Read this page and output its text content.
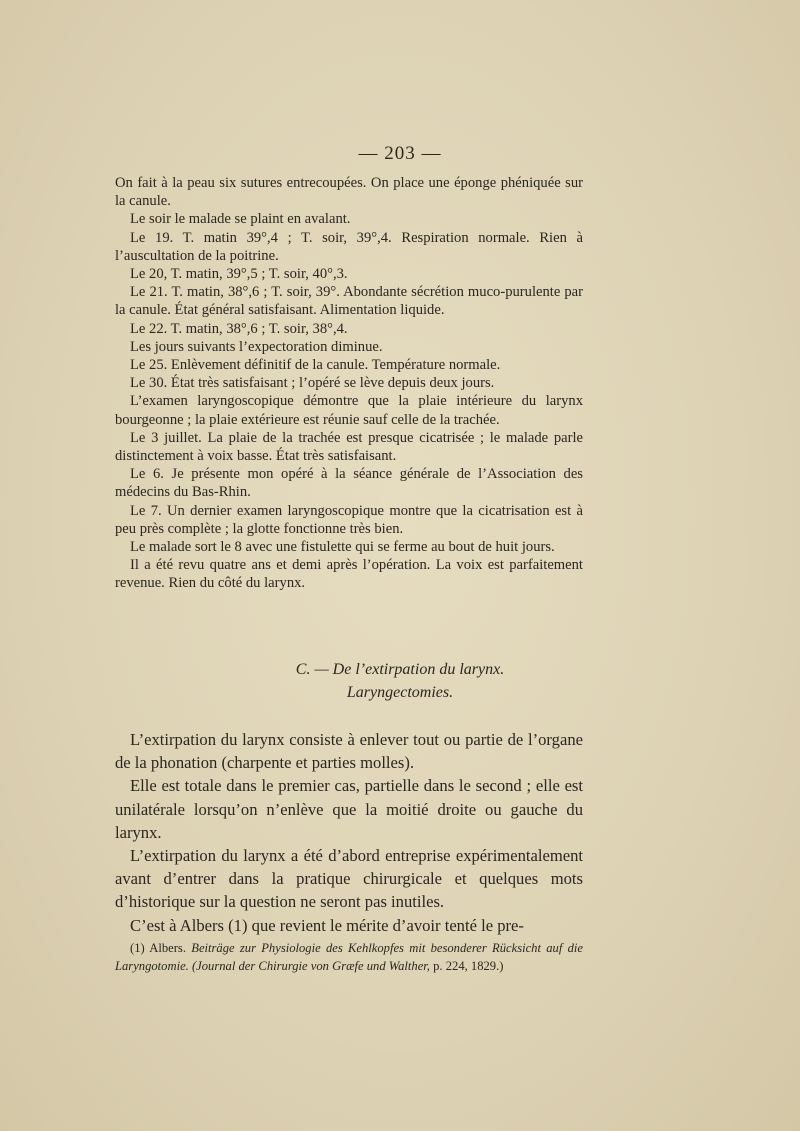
— 203 —

On fait à la peau six sutures entrecoupées. On place une éponge phéniquée sur la canule.

Le soir le malade se plaint en avalant.

Le 19. T. matin 39°,4 ; T. soir, 39°,4. Respiration normale. Rien à l’auscultation de la poitrine.

Le 20, T. matin, 39°,5 ; T. soir, 40°,3.

Le 21. T. matin, 38°,6 ; T. soir, 39°. Abondante sécrétion muco-purulente par la canule. État général satisfaisant. Alimentation liquide.

Le 22. T. matin, 38°,6 ; T. soir, 38°,4.

Les jours suivants l’expectoration diminue.

Le 25. Enlèvement définitif de la canule. Température normale.

Le 30. État très satisfaisant ; l’opéré se lève depuis deux jours.

L’examen laryngoscopique démontre que la plaie intérieure du larynx bourgeonne ; la plaie extérieure est réunie sauf celle de la trachée.

Le 3 juillet. La plaie de la trachée est presque cicatrisée ; le malade parle distinctement à voix basse. État très satisfaisant.

Le 6. Je présente mon opéré à la séance générale de l’Association des médecins du Bas-Rhin.

Le 7. Un dernier examen laryngoscopique montre que la cicatrisation est à peu près complète ; la glotte fonctionne très bien.

Le malade sort le 8 avec une fistulette qui se ferme au bout de huit jours.

Il a été revu quatre ans et demi après l’opération. La voix est parfaitement revenue. Rien du côté du larynx.

C. — De l’extirpation du larynx.
Laryngectomies.

L’extirpation du larynx consiste à enlever tout ou partie de l’organe de la phonation (charpente et parties molles).

Elle est totale dans le premier cas, partielle dans le second ; elle est unilatérale lorsqu’on n’enlève que la moitié droite ou gauche du larynx.

L’extirpation du larynx a été d’abord entreprise expérimentalement avant d’entrer dans la pratique chirurgicale et quelques mots d’historique sur la question ne seront pas inutiles.

C’est à Albers (1) que revient le mérite d’avoir tenté le pre-

(1) Albers. Beiträge zur Physiologie des Kehlkopfes mit besonderer Rücksicht auf die Laryngotomie. (Journal der Chirurgie von Græfe und Walther, p. 224, 1829.)
